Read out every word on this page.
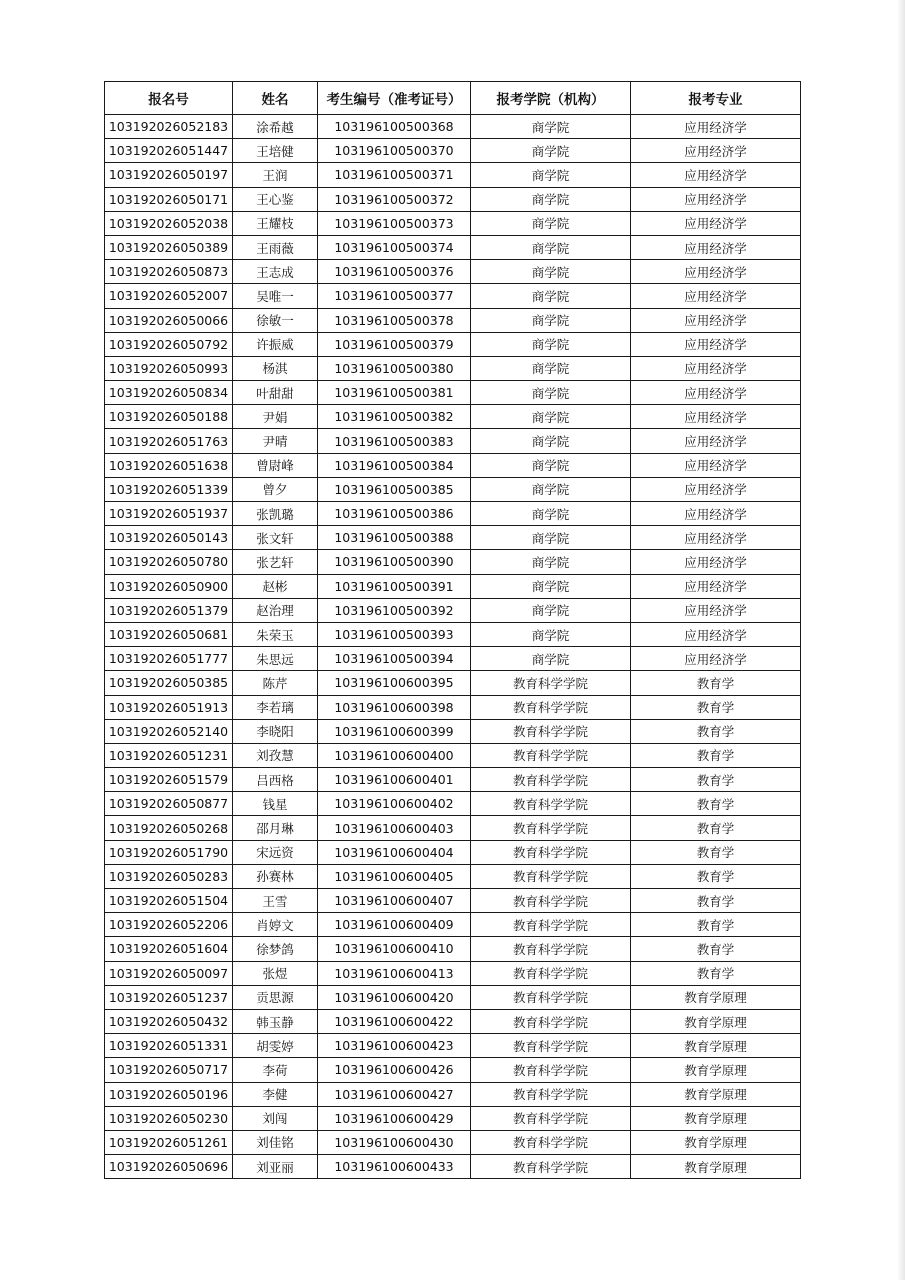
报名号	姓名	考生编号（准考证号）	报考学院（机构）	报考专业
103192026052183	涂希越	103196100500368	商学院	应用经济学
103192026051447	王培健	103196100500370	商学院	应用经济学
103192026050197	王润	103196100500371	商学院	应用经济学
103192026050171	王心鉴	103196100500372	商学院	应用经济学
103192026052038	王耀枝	103196100500373	商学院	应用经济学
103192026050389	王雨薇	103196100500374	商学院	应用经济学
103192026050873	王志成	103196100500376	商学院	应用经济学
103192026052007	吴唯一	103196100500377	商学院	应用经济学
103192026050066	徐敏一	103196100500378	商学院	应用经济学
103192026050792	许振威	103196100500379	商学院	应用经济学
103192026050993	杨淇	103196100500380	商学院	应用经济学
103192026050834	叶甜甜	103196100500381	商学院	应用经济学
103192026050188	尹娟	103196100500382	商学院	应用经济学
103192026051763	尹晴	103196100500383	商学院	应用经济学
103192026051638	曾尉峰	103196100500384	商学院	应用经济学
103192026051339	曾夕	103196100500385	商学院	应用经济学
103192026051937	张凯璐	103196100500386	商学院	应用经济学
103192026050143	张文轩	103196100500388	商学院	应用经济学
103192026050780	张艺轩	103196100500390	商学院	应用经济学
103192026050900	赵彬	103196100500391	商学院	应用经济学
103192026051379	赵治理	103196100500392	商学院	应用经济学
103192026050681	朱荣玉	103196100500393	商学院	应用经济学
103192026051777	朱思远	103196100500394	商学院	应用经济学
103192026050385	陈芹	103196100600395	教育科学学院	教育学
103192026051913	李若璃	103196100600398	教育科学学院	教育学
103192026052140	李晓阳	103196100600399	教育科学学院	教育学
103192026051231	刘孜慧	103196100600400	教育科学学院	教育学
103192026051579	吕西格	103196100600401	教育科学学院	教育学
103192026050877	钱星	103196100600402	教育科学学院	教育学
103192026050268	邵月琳	103196100600403	教育科学学院	教育学
103192026051790	宋远资	103196100600404	教育科学学院	教育学
103192026050283	孙赛林	103196100600405	教育科学学院	教育学
103192026051504	王雪	103196100600407	教育科学学院	教育学
103192026052206	肖婷文	103196100600409	教育科学学院	教育学
103192026051604	徐梦鸽	103196100600410	教育科学学院	教育学
103192026050097	张煜	103196100600413	教育科学学院	教育学
103192026051237	贡思源	103196100600420	教育科学学院	教育学原理
103192026050432	韩玉静	103196100600422	教育科学学院	教育学原理
103192026051331	胡雯婷	103196100600423	教育科学学院	教育学原理
103192026050717	李荷	103196100600426	教育科学学院	教育学原理
103192026050196	李健	103196100600427	教育科学学院	教育学原理
103192026050230	刘闯	103196100600429	教育科学学院	教育学原理
103192026051261	刘佳铭	103196100600430	教育科学学院	教育学原理
103192026050696	刘亚丽	103196100600433	教育科学学院	教育学原理
